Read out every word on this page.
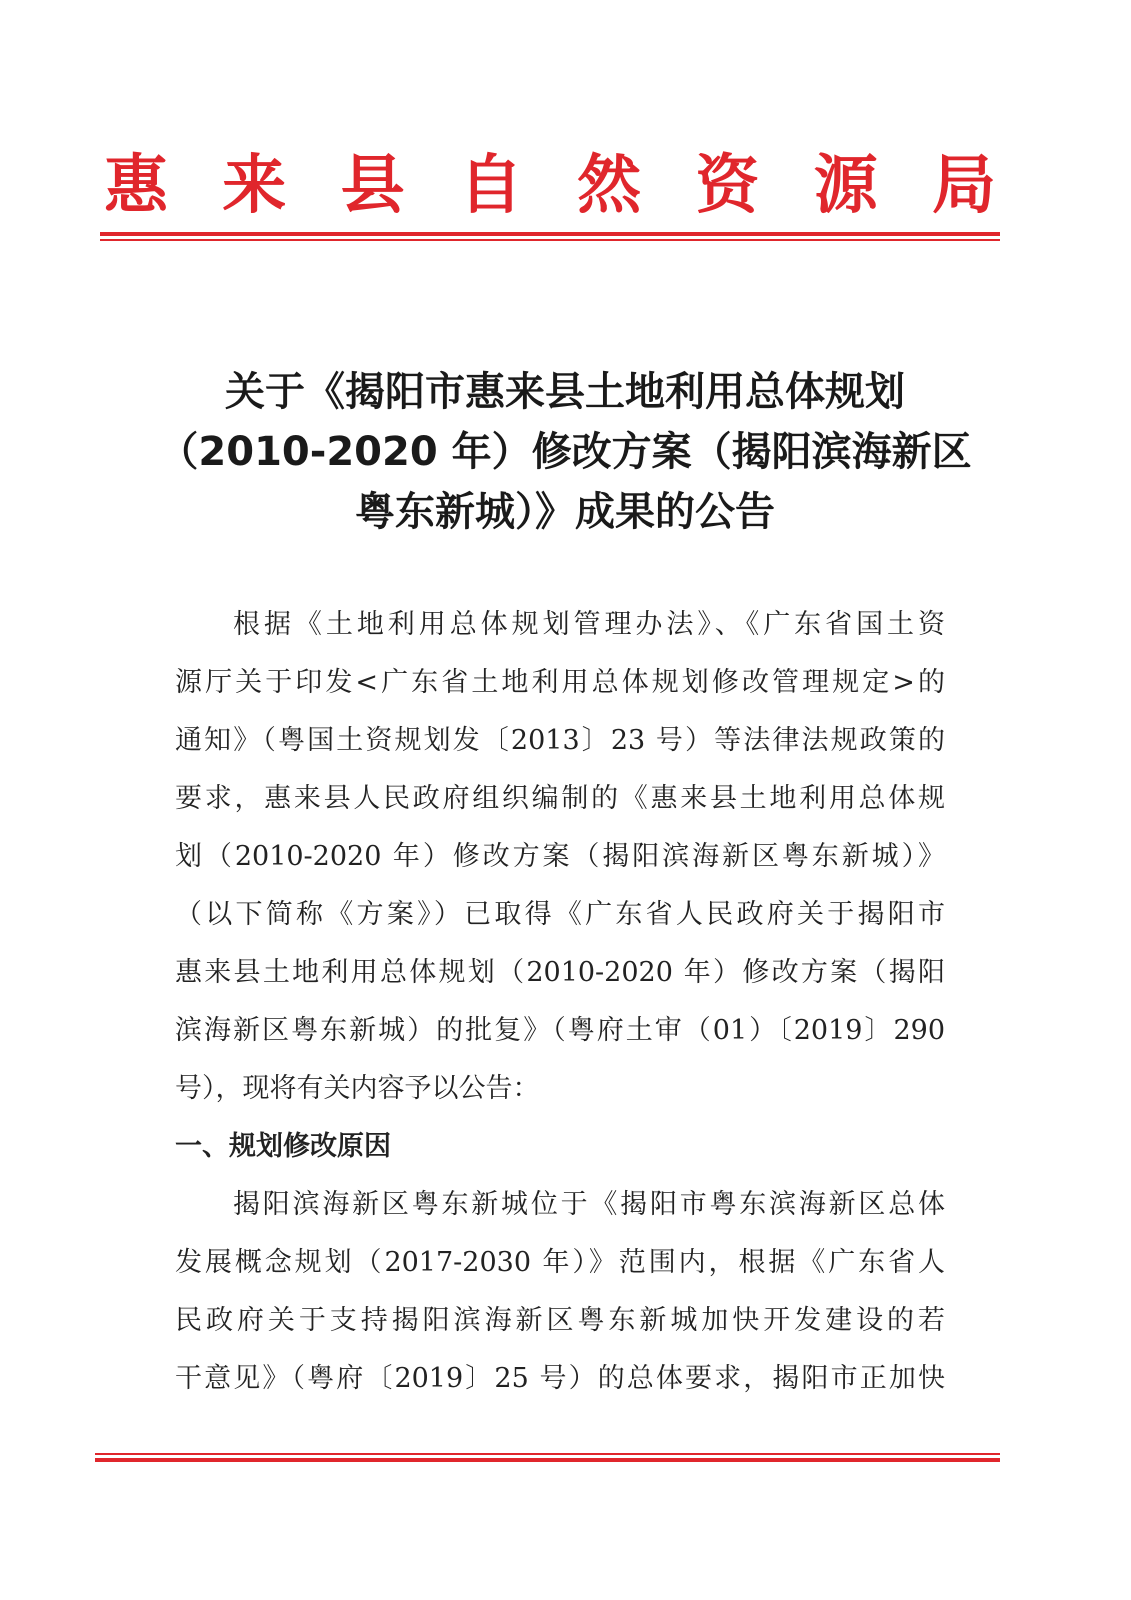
惠 来 县 自 然 资 源 局
关于《揭阳市惠来县土地利用总体规划
（2010-2020 年）修改方案（揭阳滨海新区
粤东新城）》成果的公告
根据《土地利用总体规划管理办法》、《广东省国土资
源厅关于印发<广东省土地利用总体规划修改管理规定>的
通知》（粤国土资规划发〔2013〕23 号）等法律法规政策的
要求，惠来县人民政府组织编制的《惠来县土地利用总体规
划（2010-2020 年）修改方案（揭阳滨海新区粤东新城）》
（以下简称《方案》）已取得《广东省人民政府关于揭阳市
惠来县土地利用总体规划（2010-2020 年）修改方案（揭阳
滨海新区粤东新城）的批复》（粤府土审（01）〔2019〕290
号），现将有关内容予以公告：
一、规划修改原因
揭阳滨海新区粤东新城位于《揭阳市粤东滨海新区总体
发展概念规划（2017-2030 年）》范围内，根据《广东省人
民政府关于支持揭阳滨海新区粤东新城加快开发建设的若
干意见》（粤府〔2019〕25 号）的总体要求，揭阳市正加快
